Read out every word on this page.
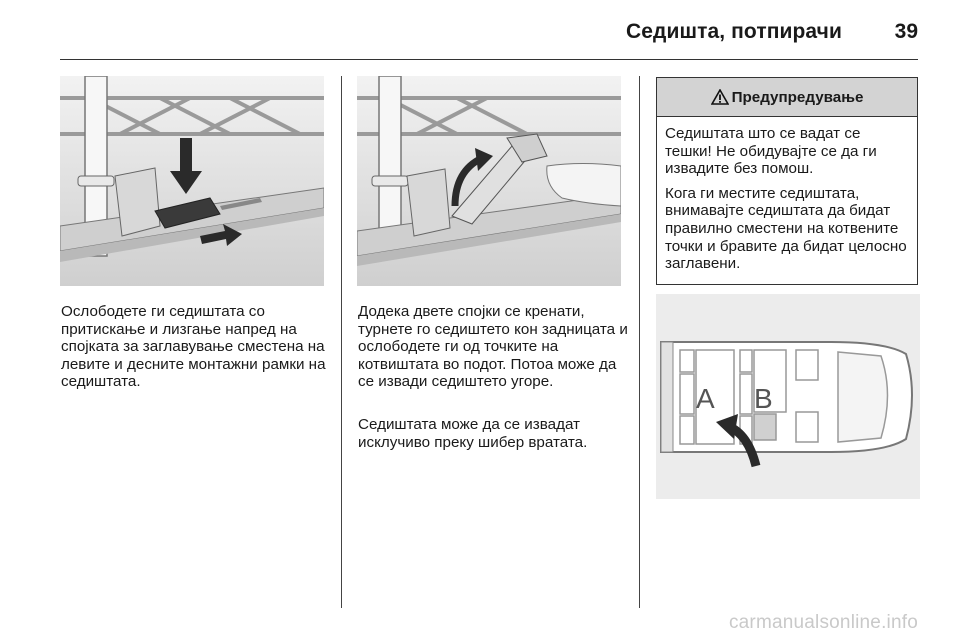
Седишта, потпирачи	39

Ослободете ги седиштата со притискање и лизгање напред на спојката за заглавување сместена на левите и десните монтажни рамки на седиштата.

Додека двете спојки се кренати, турнете го седиштето кон задницата и ослободете ги од точките на котвиштата во подот. Потоа може да се извади седиштето угоре.

Седиштата може да се извадат исклучиво преку шибер вратата.

Предупредување

Седиштата што се вадат се тешки! Не обидувајте се да ги извадите без помош.

Кога ги местите седиштата, внимавајте седиштата да бидат правилно сместени на котвените точки и бравите да бидат целосно заглавени.

A B
carmanualsonline.info
